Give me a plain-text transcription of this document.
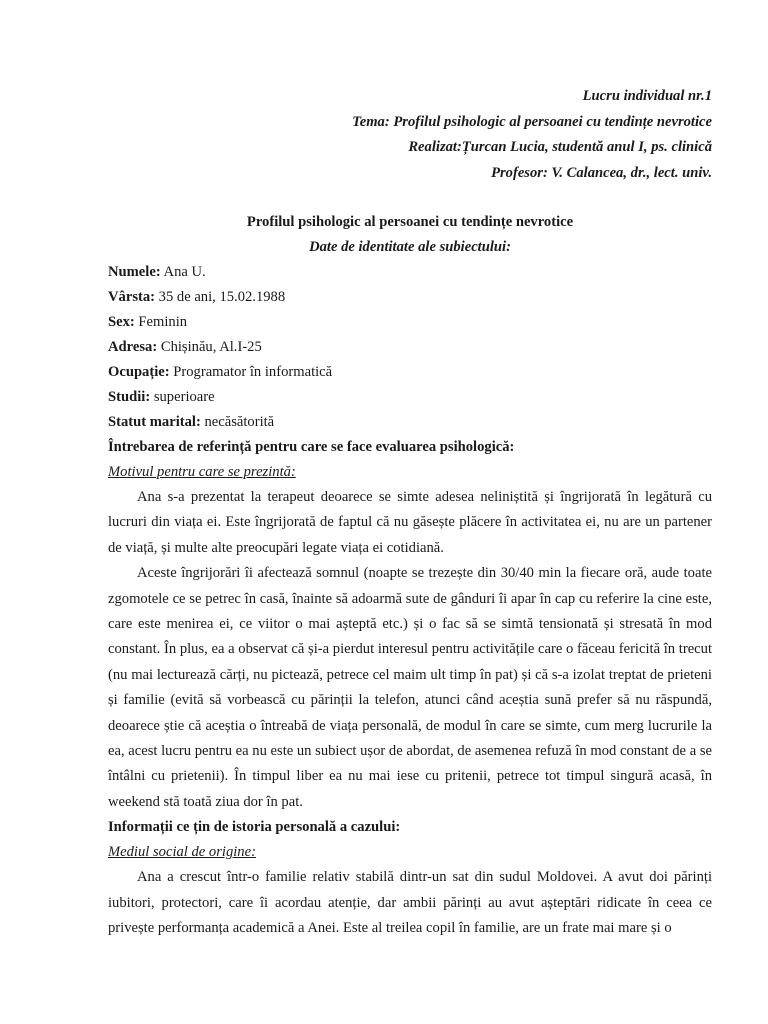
Lucru individual nr.1
Tema: Profilul psihologic al persoanei cu tendințe nevrotice
Realizat:Țurcan Lucia, studentă anul I, ps. clinică
Profesor: V. Calancea, dr., lect. univ.
Profilul psihologic al persoanei cu tendințe nevrotice
Date de identitate ale subiectului:
Numele: Ana U.
Vârsta: 35 de ani, 15.02.1988
Sex: Feminin
Adresa: Chișinău, Al.I-25
Ocupație: Programator în informatică
Studii: superioare
Statut marital: necăsătorită
Întrebarea de referință pentru care se face evaluarea psihologică:
Motivul pentru care se prezintă:

Ana s-a prezentat la terapeut deoarece se simte adesea neliniștită și îngrijorată în legătură cu lucruri din viața ei. Este îngrijorată de faptul că nu găsește plăcere în activitatea ei, nu are un partener de viață, și multe alte preocupări legate viața ei cotidiană.

Aceste îngrijorări îi afectează somnul (noapte se trezește din 30/40 min la fiecare oră, aude toate zgomotele ce se petrec în casă, înainte să adoarmă sute de gânduri îi apar în cap cu referire la cine este, care este menirea ei, ce viitor o mai așteptă etc.) și o fac să se simtă tensionată și stresată în mod constant. În plus, ea a observat că și-a pierdut interesul pentru activitățile care o făceau fericită în trecut (nu mai lecturează cărți, nu pictează, petrece cel maim ult timp în pat) și că s-a izolat treptat de prieteni și familie (evită să vorbească cu părinții la telefon, atunci când aceștia sună prefer să nu răspundă, deoarece știe că aceștia o întreabă de viața personală, de modul în care se simte, cum merg lucrurile la ea, acest lucru pentru ea nu este un subiect ușor de abordat, de asemenea refuză în mod constant de a se întâlni cu prietenii). În timpul liber ea nu mai iese cu pritenii, petrece tot timpul singură acasă, în weekend stă toată ziua dor în pat.

Informații ce țin de istoria personală a cazului:
Mediul social de origine:

Ana a crescut într-o familie relativ stabilă dintr-un sat din sudul Moldovei. A avut doi părinți iubitori, protectori, care îi acordau atenție, dar ambii părinți au avut așteptări ridicate în ceea ce privește performanța academică a Anei. Este al treilea copil în familie, are un frate mai mare și o
